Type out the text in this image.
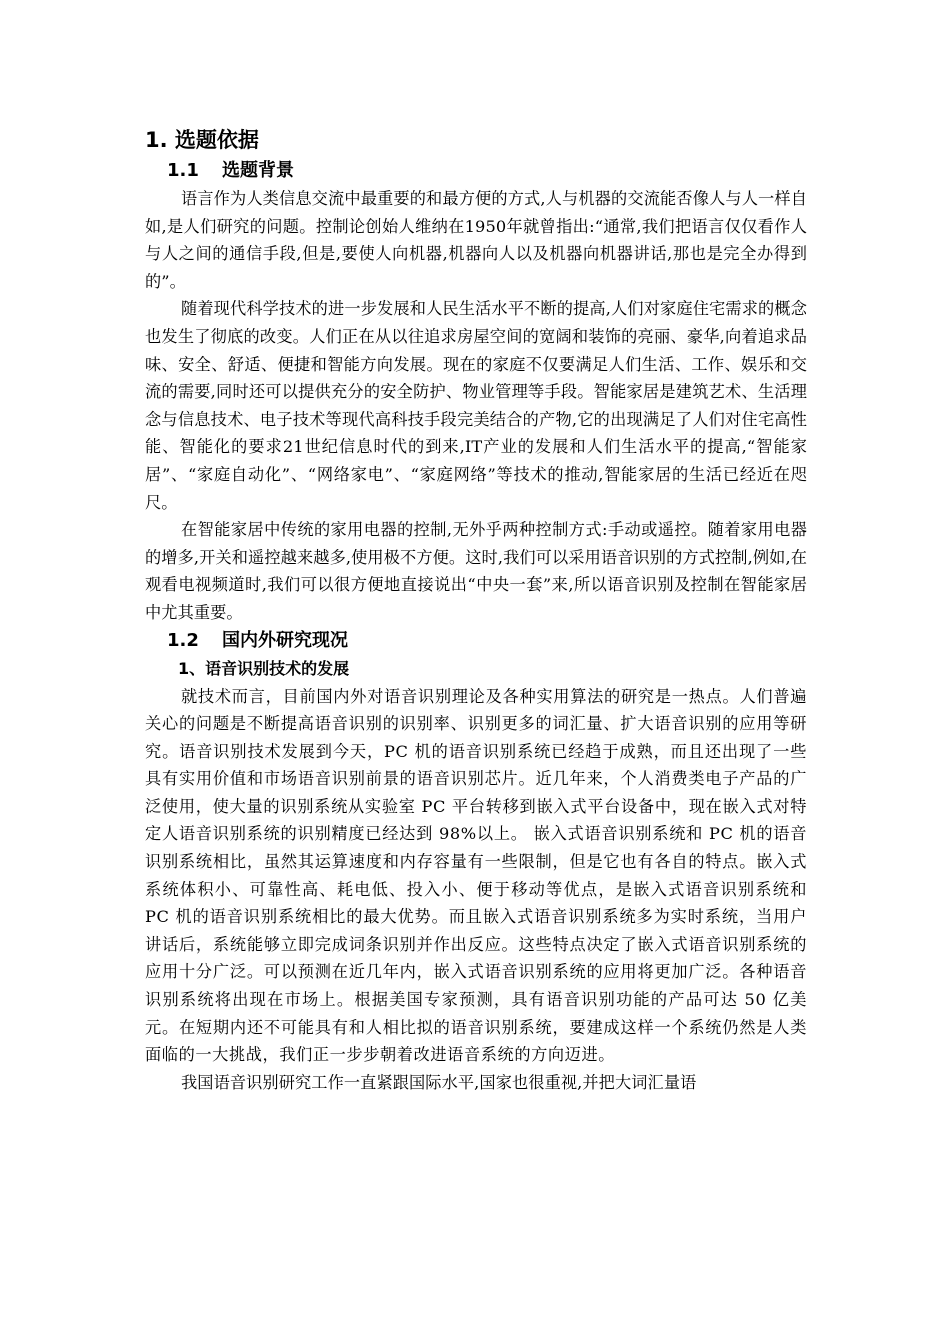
1. 选题依据
1.1 选题背景

语言作为人类信息交流中最重要的和最方便的方式,人与机器的交流能否像人与人一样自如,是人们研究的问题。控制论创始人维纳在1950年就曾指出:“通常,我们把语言仅仅看作人与人之间的通信手段,但是,要使人向机器,机器向人以及机器向机器讲话,那也是完全办得到的”。

随着现代科学技术的进一步发展和人民生活水平不断的提高,人们对家庭住宅需求的概念也发生了彻底的改变。人们正在从以往追求房屋空间的宽阔和装饰的亮丽、豪华,向着追求品味、安全、舒适、便捷和智能方向发展。现在的家庭不仅要满足人们生活、工作、娱乐和交流的需要,同时还可以提供充分的安全防护、物业管理等手段。智能家居是建筑艺术、生活理念与信息技术、电子技术等现代高科技手段完美结合的产物,它的出现满足了人们对住宅高性能、智能化的要求21世纪信息时代的到来,IT产业的发展和人们生活水平的提高,“智能家居”、“家庭自动化”、“网络家电”、“家庭网络”等技术的推动,智能家居的生活已经近在咫尺。

在智能家居中传统的家用电器的控制,无外乎两种控制方式:手动或遥控。随着家用电器的增多,开关和遥控越来越多,使用极不方便。这时,我们可以采用语音识别的方式控制,例如,在观看电视频道时,我们可以很方便地直接说出“中央一套”来,所以语音识别及控制在智能家居中尤其重要。

1.2 国内外研究现况
1、语音识别技术的发展

就技术而言，目前国内外对语音识别理论及各种实用算法的研究是一热点。人们普遍关心的问题是不断提高语音识别的识别率、识别更多的词汇量、扩大语音识别的应用等研究。语音识别技术发展到今天，PC 机的语音识别系统已经趋于成熟，而且还出现了一些具有实用价值和市场语音识别前景的语音识别芯片。近几年来，个人消费类电子产品的广泛使用，使大量的识别系统从实验室 PC 平台转移到嵌入式平台设备中，现在嵌入式对特定人语音识别系统的识别精度已经达到 98%以上。 嵌入式语音识别系统和 PC 机的语音识别系统相比，虽然其运算速度和内存容量有一些限制，但是它也有各自的特点。嵌入式系统体积小、可靠性高、耗电低、投入小、便于移动等优点，是嵌入式语音识别系统和 PC 机的语音识别系统相比的最大优势。而且嵌入式语音识别系统多为实时系统，当用户讲话后，系统能够立即完成词条识别并作出反应。这些特点决定了嵌入式语音识别系统的应用十分广泛。可以预测在近几年内，嵌入式语音识别系统的应用将更加广泛。各种语音识别系统将出现在市场上。根据美国专家预测，具有语音识别功能的产品可达 50 亿美元。在短期内还不可能具有和人相比拟的语音识别系统，要建成这样一个系统仍然是人类面临的一大挑战，我们正一步步朝着改进语音系统的方向迈进。

我国语音识别研究工作一直紧跟国际水平,国家也很重视,并把大词汇量语
